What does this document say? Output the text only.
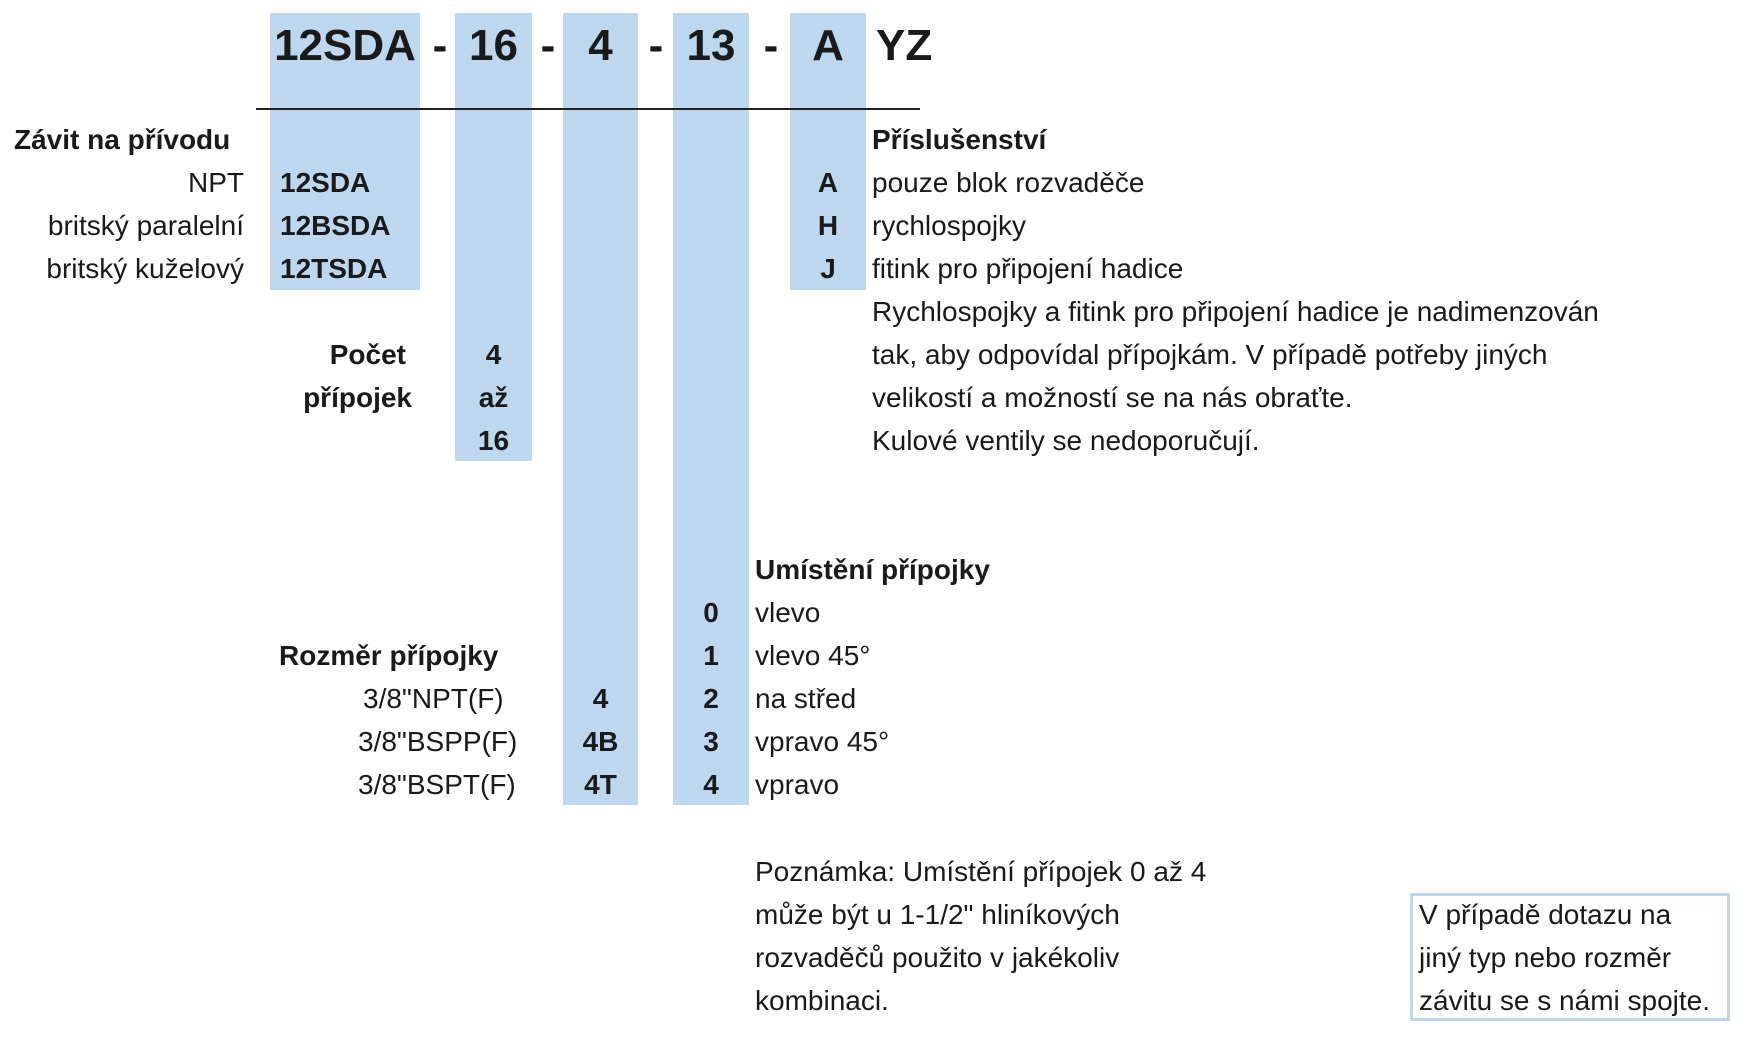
12SDA - 16 - 4 - 13 - A YZ
Závit na přívodu
NPT 12SDA
britský paralelní 12BSDA
britský kuželový 12TSDA
Počet
přípojek
4
až
16
Příslušenství
A	pouze blok rozvaděče
H	rychlospojky
J	fitink pro připojení hadice
Rychlospojky a fitink pro připojení hadice je nadimenzován
tak, aby odpovídal přípojkám. V případě potřeby jiných
velikostí a možností se na nás obraťte.
Kulové ventily se nedoporučují.
Umístění přípojky
0	vlevo
1	vlevo 45°
2	na střed
3	vpravo 45°
4	vpravo
Rozměr přípojky
3/8"NPT(F)	4
3/8"BSPP(F)	4B
3/8"BSPT(F)	4T
Poznámka: Umístění přípojek 0 až 4
může být u 1-1/2" hliníkových
rozvaděčů použito v jakékoliv
kombinaci.
V případě dotazu na
jiný typ nebo rozměr
závitu se s námi spojte.
